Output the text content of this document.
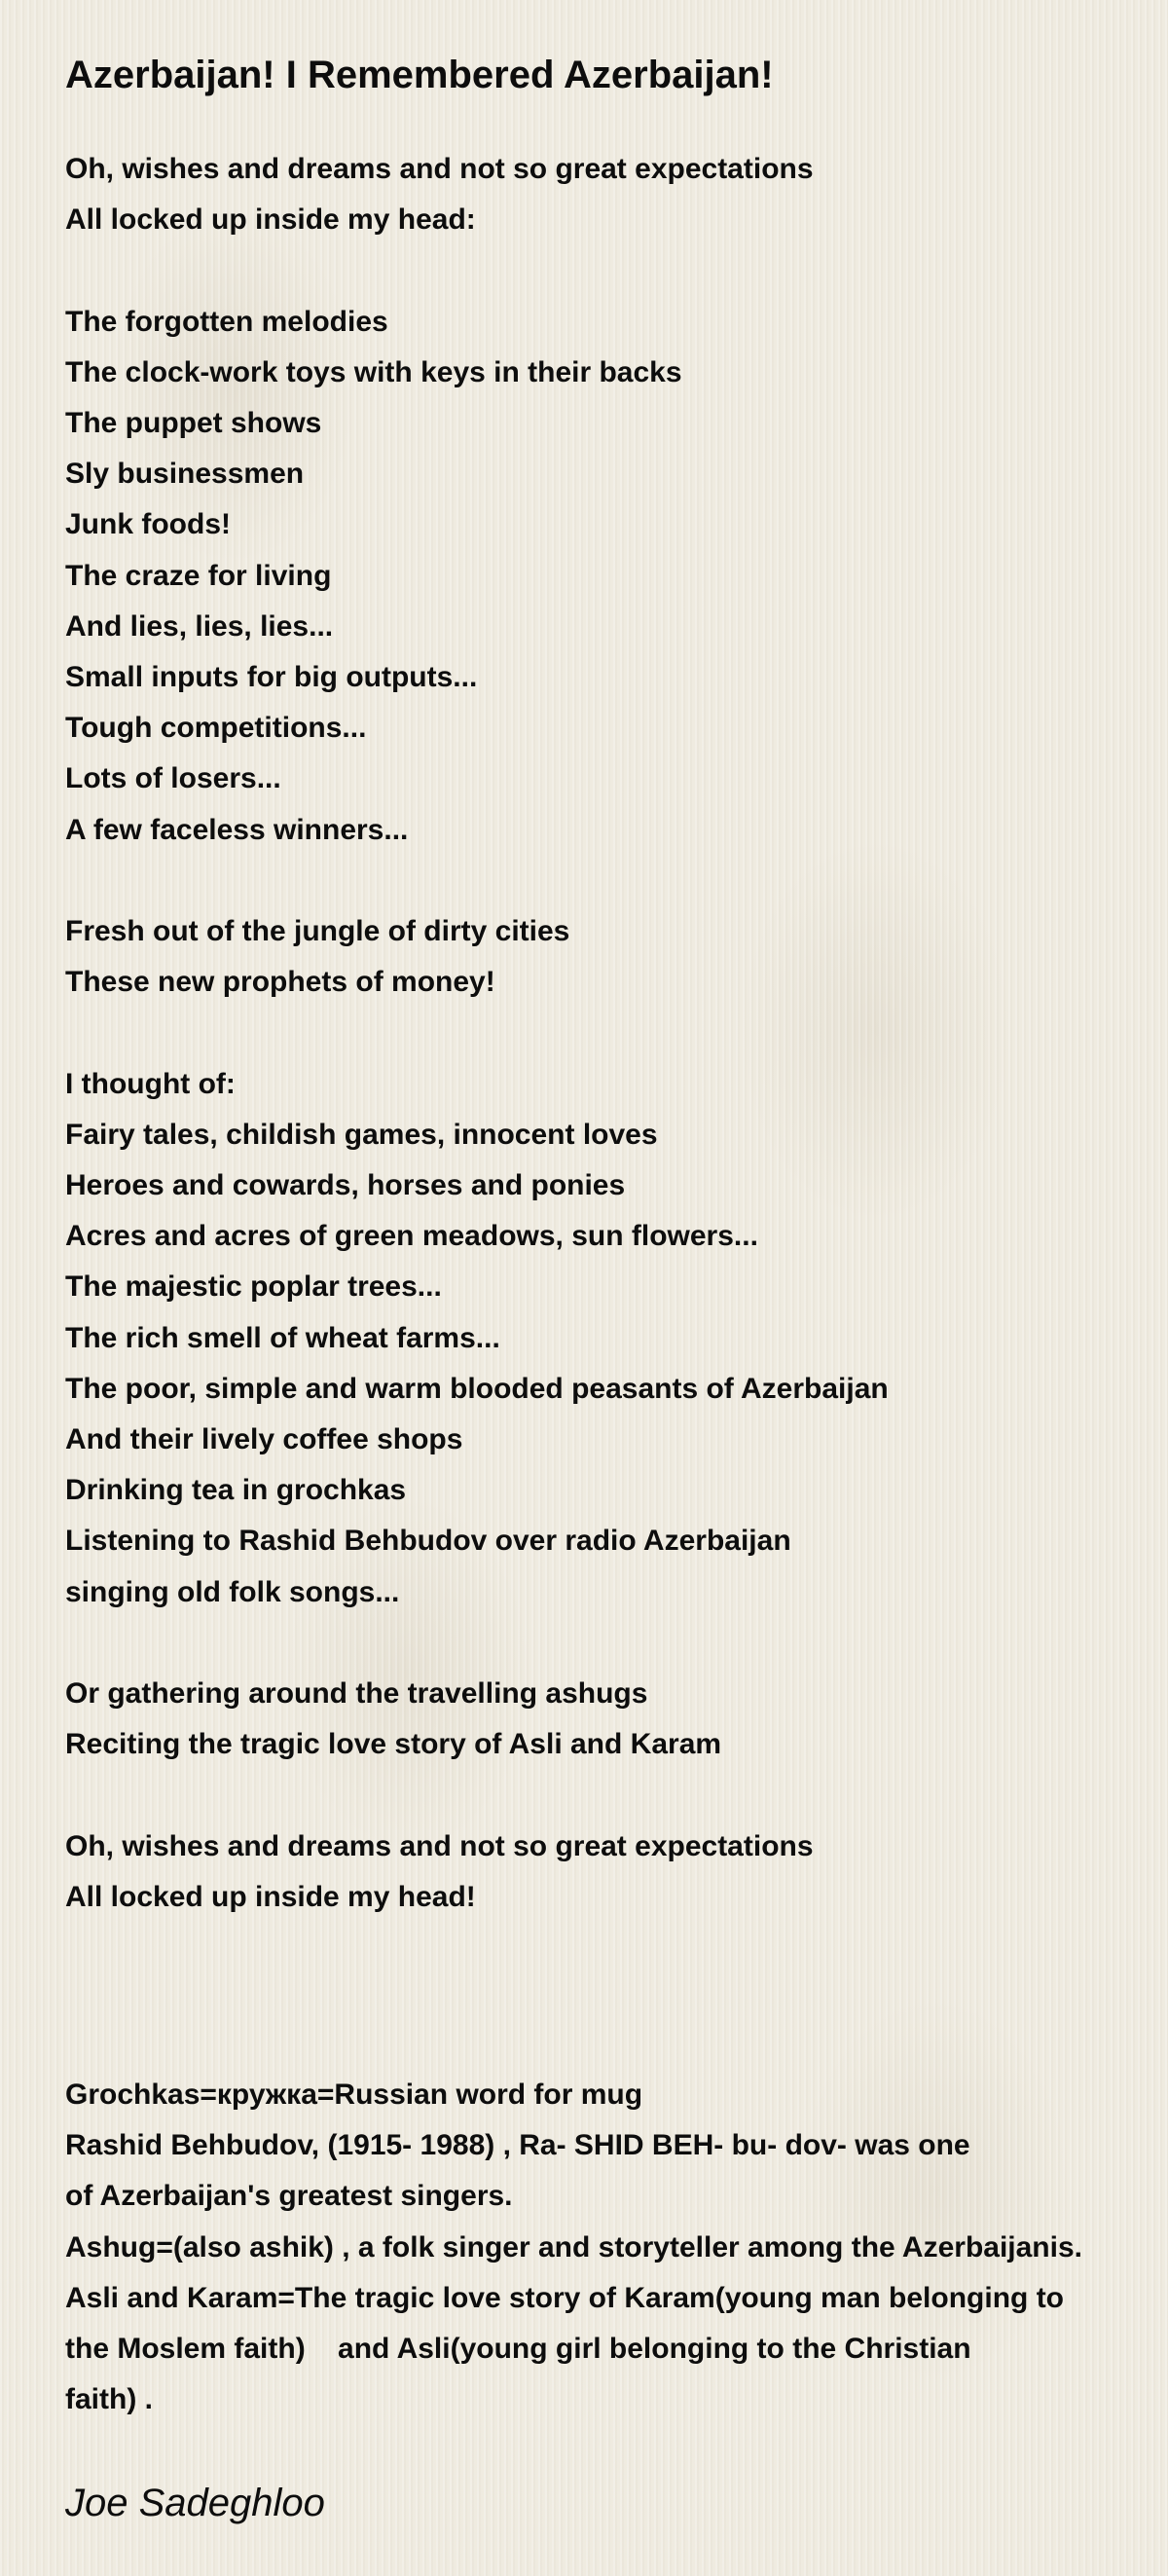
Azerbaijan! I Remembered Azerbaijan!
Oh, wishes and dreams and not so great expectations
All locked up inside my head:
The forgotten melodies
The clock-work toys with keys in their backs
The puppet shows
Sly businessmen
Junk foods!
The craze for living
And lies, lies, lies...
Small inputs for big outputs...
Tough competitions...
Lots of losers...
A few faceless winners...
Fresh out of the jungle of dirty cities
These new prophets of money!
I thought of:
Fairy tales, childish games, innocent loves
Heroes and cowards, horses and ponies
Acres and acres of green meadows, sun flowers...
The majestic poplar trees...
The rich smell of wheat farms...
The poor, simple and warm blooded peasants of Azerbaijan
And their lively coffee shops
Drinking tea in grochkas
Listening to Rashid Behbudov over radio Azerbaijan
singing old folk songs...
Or gathering around the travelling ashugs
Reciting the tragic love story of Asli and Karam
Oh, wishes and dreams and not so great expectations
All locked up inside my head!
Grochkas=кружка=Russian word for mug
Rashid Behbudov, (1915- 1988) , Ra- SHID BEH- bu- dov- was one
of Azerbaijan's greatest singers.
Ashug=(also ashik) , a folk singer and storyteller among the Azerbaijanis.
Asli and Karam=The tragic love story of Karam(young man belonging to
the Moslem faith)    and Asli(young girl belonging to the Christian
faith) .
Joe Sadeghloo
